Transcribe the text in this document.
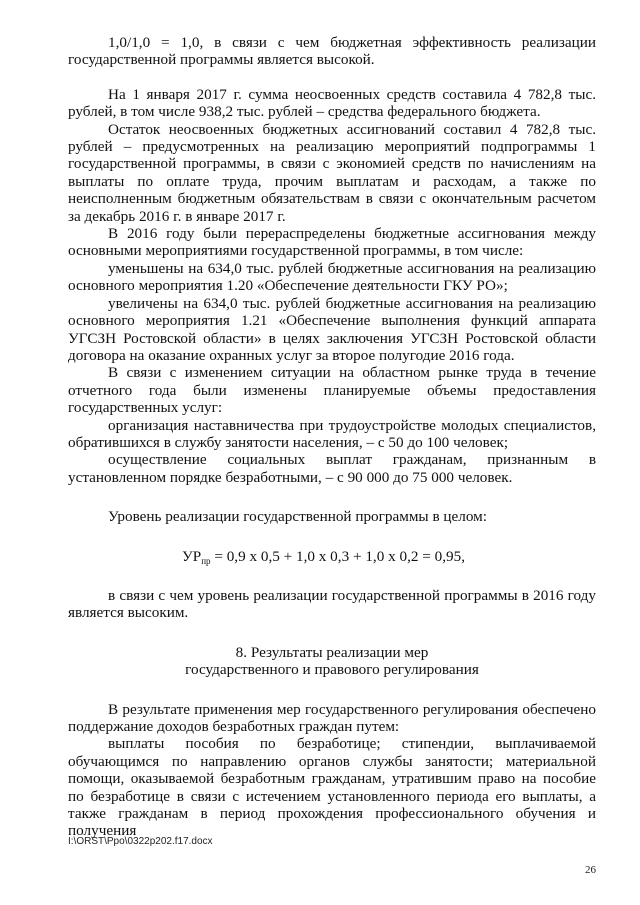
1,0/1,0 = 1,0, в связи с чем бюджетная эффективность реализации государственной программы является высокой.

На 1 января 2017 г. сумма неосвоенных средств составила 4 782,8 тыс. рублей, в том числе 938,2 тыс. рублей – средства федерального бюджета.

Остаток неосвоенных бюджетных ассигнований составил 4 782,8 тыс. рублей – предусмотренных на реализацию мероприятий подпрограммы 1 государственной программы, в связи с экономией средств по начислениям на выплаты по оплате труда, прочим выплатам и расходам, а также по неисполненным бюджетным обязательствам в связи с окончательным расчетом за декабрь 2016 г. в январе 2017 г.

В 2016 году были перераспределены бюджетные ассигнования между основными мероприятиями государственной программы, в том числе:

уменьшены на 634,0 тыс. рублей бюджетные ассигнования на реализацию основного мероприятия 1.20 «Обеспечение деятельности ГКУ РО»;

увеличены на 634,0 тыс. рублей бюджетные ассигнования на реализацию основного мероприятия 1.21 «Обеспечение выполнения функций аппарата УГСЗН Ростовской области» в целях заключения УГСЗН Ростовской области договора на оказание охранных услуг за второе полугодие 2016 года.

В связи с изменением ситуации на областном рынке труда в течение отчетного года были изменены планируемые объемы предоставления государственных услуг:

организация наставничества при трудоустройстве молодых специалистов, обратившихся в службу занятости населения, – с 50 до 100 человек;

осуществление социальных выплат гражданам, признанным в установленном порядке безработными, – с 90 000 до 75 000 человек.

Уровень реализации государственной программы в целом:

$УР_{пр} = 0,9$ х 0,5 + 1,0 х 0,3 + 1,0 х 0,2 = 0,95,

в связи с чем уровень реализации государственной программы в 2016 году является высоким.

8. Результаты реализации мер

государственного и правового регулирования

В результате применения мер государственного регулирования обеспечено поддержание доходов безработных граждан путем:

выплаты пособия по безработице; стипендии, выплачиваемой обучающимся по направлению органов службы занятости; материальной помощи, оказываемой безработным гражданам, утратившим право на пособие по безработице в связи с истечением установленного периода его выплаты, а также гражданам в период прохождения профессионального обучения и получения

I:\ORST\Ppo\0322p202.f17.docx
26
